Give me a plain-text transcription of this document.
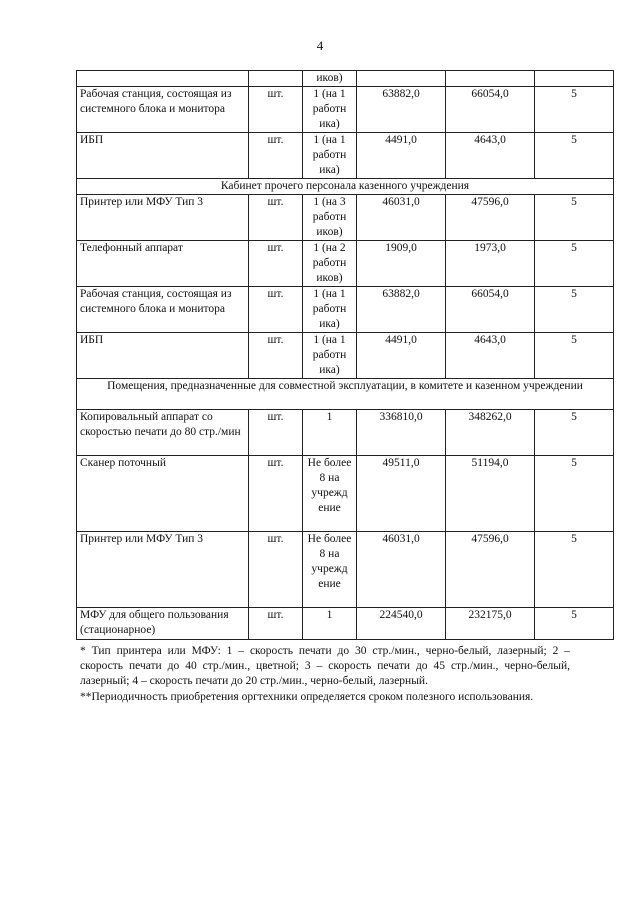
4
		иков)			
Рабочая станция, состоящая из системного блока и монитора	шт.	1 (на 1 работн ика)	63882,0	66054,0	5
ИБП	шт.	1 (на 1 работн ика)	4491,0	4643,0	5
Кабинет прочего персонала казенного учреждения					
Принтер или МФУ Тип 3	шт.	1 (на 3 работн иков)	46031,0	47596,0	5
Телефонный аппарат	шт.	1 (на 2 работн иков)	1909,0	1973,0	5
Рабочая станция, состоящая из системного блока и монитора	шт.	1 (на 1 работн ика)	63882,0	66054,0	5
ИБП	шт.	1 (на 1 работн ика)	4491,0	4643,0	5
Помещения, предназначенные для совместной эксплуатации, в комитете и казенном учреждении					
Копировальный аппарат со скоростью печати до 80 стр./мин	шт.	1	336810,0	348262,0	5
Сканер поточный	шт.	Не более 8 на учрежд ение	49511,0	51194,0	5
Принтер или МФУ Тип 3	шт.	Не более 8 на учрежд ение	46031,0	47596,0	5
МФУ для общего пользования (стационарное)	шт.	1	224540,0	232175,0	5
* Тип принтера или МФУ: 1 – скорость печати до 30 стр./мин., черно-белый, лазерный; 2 – скорость печати до 40 стр./мин., цветной; 3 – скорость печати до 45 стр./мин., черно-белый, лазерный; 4 – скорость печати до 20 стр./мин., черно-белый, лазерный.
**Периодичность приобретения оргтехники определяется сроком полезного использования.
